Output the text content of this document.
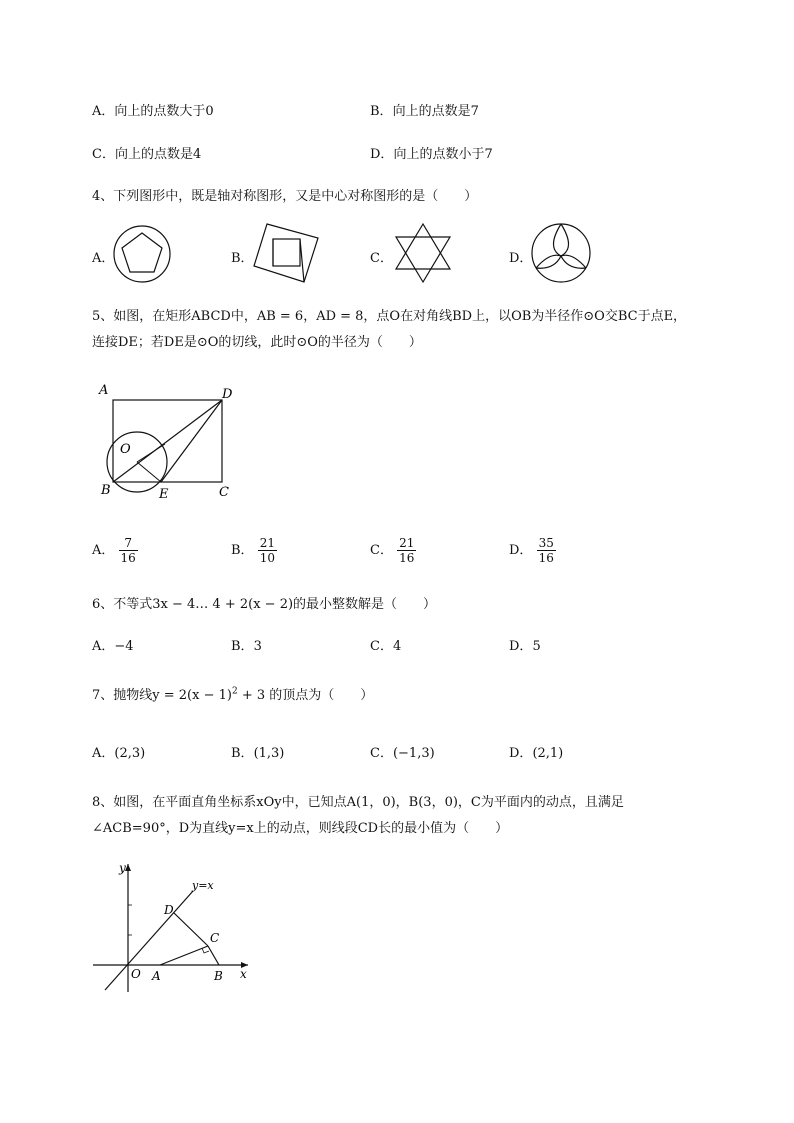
A．向上的点数大于0	B．向上的点数是7
C．向上的点数是4	D．向上的点数小于7
4、下列图形中，既是轴对称图形，又是中心对称图形的是（　　）
A．	B．	C．	D．
5、如图，在矩形ABCD中，AB = 6，AD = 8，点O在对角线BD上，以OB为半径作⊙O交BC于点E，
连接DE；若DE是⊙O的切线，此时⊙O的半径为（　　）
A	D
O
B	E	C
A． $\frac{7}{16}$	B． $\frac{21}{10}$	C． $\frac{21}{16}$	D． $\frac{35}{16}$
6、不等式3x − 4… 4 + 2(x − 2)的最小整数解是（　　）
A．−4	B．3	C．4	D．5
7、抛物线$y = 2(x - 1)^2 + 3$ 的顶点为（　　）
A．(2,3)	B．(1,3)	C．(−1,3)	D．(2,1)
8、如图，在平面直角坐标系xOy中，已知点A(1，0)，B(3，0)，C为平面内的动点，且满足
∠ACB=90°，D为直线y=x上的动点，则线段CD长的最小值为（　　）
y
y=x
D
C
O A	B x
